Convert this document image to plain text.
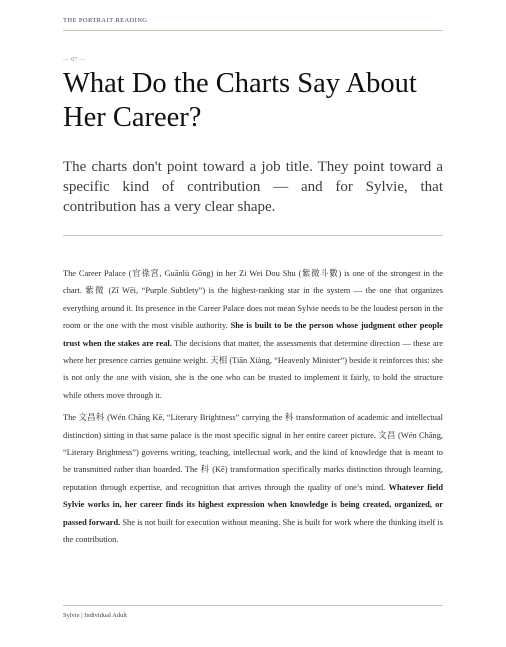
THE PORTRAIT READING
— 07 —
What Do the Charts Say About Her Career?

The charts don't point toward a job title. They point toward a specific kind of contribution — and for Sylvie, that contribution has a very clear shape.

The Career Palace (官祿宮, Guānlù Gōng) in her Zi Wei Dou Shu (紫微斗數) is one of the strongest in the chart. 紫微 (Zǐ Wēi, “Purple Subtlety”) is the highest-ranking star in the system — the one that organizes everything around it. Its presence in the Career Palace does not mean Sylvie needs to be the loudest person in the room or the one with the most visible authority. She is built to be the person whose judgment other people trust when the stakes are real. The decisions that matter, the assessments that determine direction — these are where her presence carries genuine weight. 天相 (Tiān Xiàng, “Heavenly Minister”) beside it reinforces this: she is not only the one with vision, she is the one who can be trusted to implement it fairly, to hold the structure while others move through it.

The 文昌科 (Wén Chāng Kē, “Literary Brightness” carrying the 科 transformation of academic and intellectual distinction) sitting in that same palace is the most specific signal in her entire career picture. 文昌 (Wén Chāng, “Literary Brightness”) governs writing, teaching, intellectual work, and the kind of knowledge that is meant to be transmitted rather than hoarded. The 科 (Kē) transformation specifically marks distinction through learning, reputation through expertise, and recognition that arrives through the quality of one’s mind. Whatever field Sylvie works in, her career finds its highest expression when knowledge is being created, organized, or passed forward. She is not built for execution without meaning. She is built for work where the thinking itself is the contribution.

Sylvie | Individual Adult
